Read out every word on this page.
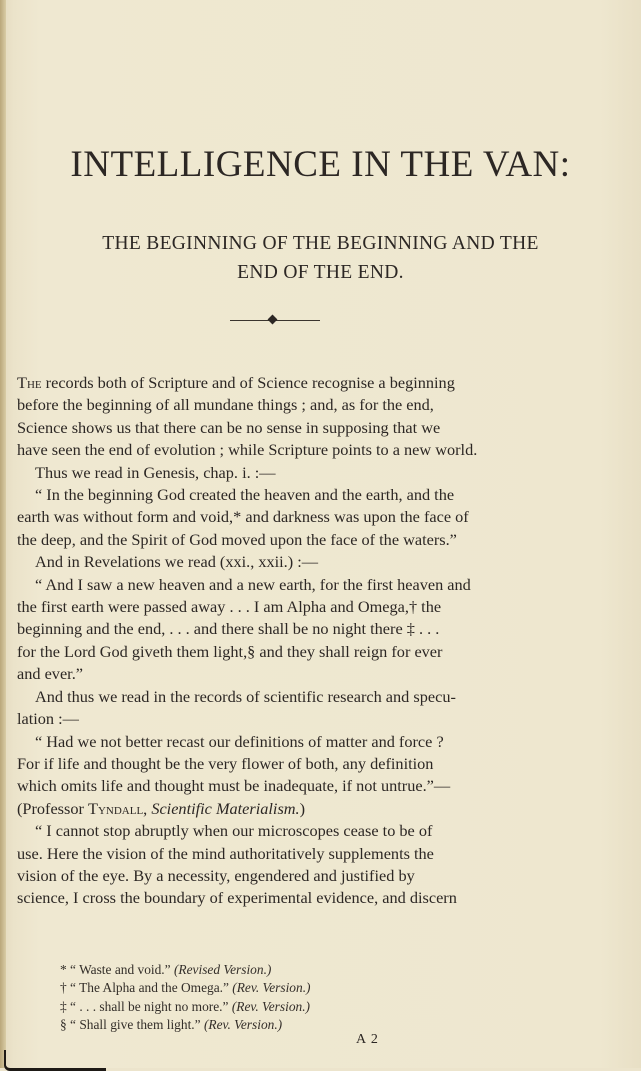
INTELLIGENCE IN THE VAN:
THE BEGINNING OF THE BEGINNING AND THE
END OF THE END.
The records both of Scripture and of Science recognise a beginning
before the beginning of all mundane things ; and, as for the end,
Science shows us that there can be no sense in supposing that we
have seen the end of evolution ; while Scripture points to a new world.
Thus we read in Genesis, chap. i. :—
“ In the beginning God created the heaven and the earth, and the
earth was without form and void,* and darkness was upon the face of
the deep, and the Spirit of God moved upon the face of the waters.”
And in Revelations we read (xxi., xxii.) :—
“ And I saw a new heaven and a new earth, for the first heaven and
the first earth were passed away . . . I am Alpha and Omega,† the
beginning and the end, . . . and there shall be no night there ‡ . . .
for the Lord God giveth them light,§ and they shall reign for ever
and ever.”
And thus we read in the records of scientific research and specu-
lation :—
“ Had we not better recast our definitions of matter and force ?
For if life and thought be the very flower of both, any definition
which omits life and thought must be inadequate, if not untrue.”—
(Professor Tyndall, Scientific Materialism.)
“ I cannot stop abruptly when our microscopes cease to be of
use. Here the vision of the mind authoritatively supplements the
vision of the eye. By a necessity, engendered and justified by
science, I cross the boundary of experimental evidence, and discern
* “ Waste and void.” (Revised Version.)
† “ The Alpha and the Omega.” (Rev. Version.)
‡ “ . . . shall be night no more.” (Rev. Version.)
§ “ Shall give them light.” (Rev. Version.)
A 2
